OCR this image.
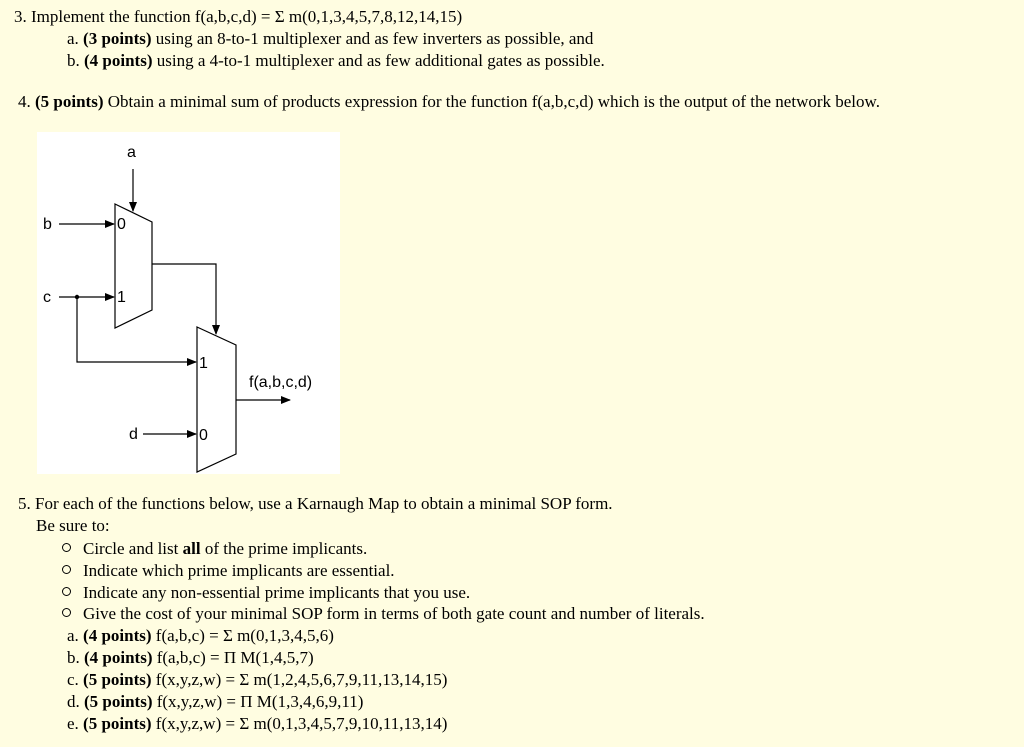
3. Implement the function f(a,b,c,d) = Σ m(0,1,3,4,5,7,8,12,14,15)
a. (3 points) using an 8-to-1 multiplexer and as few inverters as possible, and
b. (4 points) using a 4-to-1 multiplexer and as few additional gates as possible.
4. (5 points) Obtain a minimal sum of products expression for the function f(a,b,c,d) which is the output of the network below.
a
b
c
d
0
1
1
0
f(a,b,c,d)
5. For each of the functions below, use a Karnaugh Map to obtain a minimal SOP form.
Be sure to:
Circle and list all of the prime implicants.
Indicate which prime implicants are essential.
Indicate any non-essential prime implicants that you use.
Give the cost of your minimal SOP form in terms of both gate count and number of literals.
a. (4 points) f(a,b,c) = Σ m(0,1,3,4,5,6)
b. (4 points) f(a,b,c) = Π M(1,4,5,7)
c. (5 points) f(x,y,z,w) = Σ m(1,2,4,5,6,7,9,11,13,14,15)
d. (5 points) f(x,y,z,w) = Π M(1,3,4,6,9,11)
e. (5 points) f(x,y,z,w) = Σ m(0,1,3,4,5,7,9,10,11,13,14)
